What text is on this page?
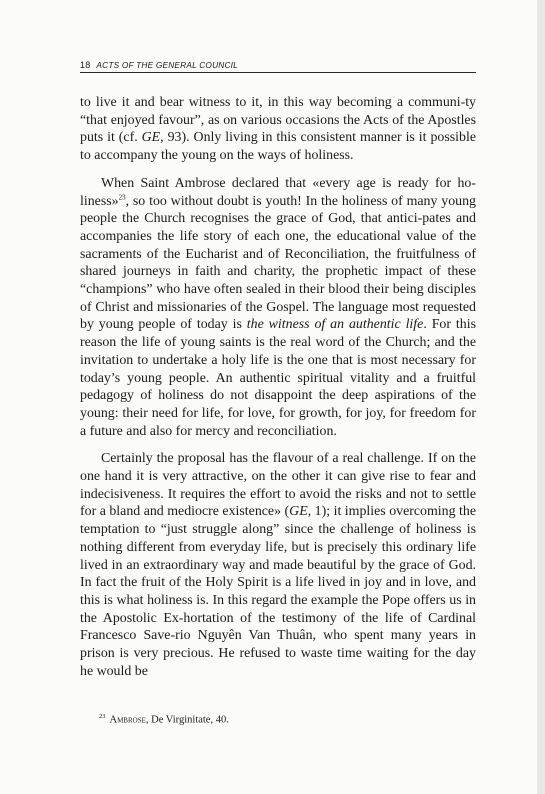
18 ACTS OF THE GENERAL COUNCIL

to live it and bear witness to it, in this way becoming a communi-ty “that enjoyed favour”, as on various occasions the Acts of the Apostles puts it (cf. GE, 93). Only living in this consistent manner is it possible to accompany the young on the ways of holiness.

When Saint Ambrose declared that «every age is ready for ho-liness»$^{23}$, so too without doubt is youth! In the holiness of many young people the Church recognises the grace of God, that antici-pates and accompanies the life story of each one, the educational value of the sacraments of the Eucharist and of Reconciliation, the fruitfulness of shared journeys in faith and charity, the prophetic impact of these “champions” who have often sealed in their blood their being disciples of Christ and missionaries of the Gospel. The language most requested by young people of today is the witness of an authentic life. For this reason the life of young saints is the real word of the Church; and the invitation to undertake a holy life is the one that is most necessary for today’s young people. An authentic spiritual vitality and a fruitful pedagogy of holiness do not disappoint the deep aspirations of the young: their need for life, for love, for growth, for joy, for freedom for a future and also for mercy and reconciliation.

Certainly the proposal has the flavour of a real challenge. If on the one hand it is very attractive, on the other it can give rise to fear and indecisiveness. It requires the effort to avoid the risks and not to settle for a bland and mediocre existence» (GE, 1); it implies overcoming the temptation to “just struggle along” since the challenge of holiness is nothing different from everyday life, but is precisely this ordinary life lived in an extraordinary way and made beautiful by the grace of God. In fact the fruit of the Holy Spirit is a life lived in joy and in love, and this is what holiness is. In this regard the example the Pope offers us in the Apostolic Ex-hortation of the testimony of the life of Cardinal Francesco Save-rio Nguyên Van Thuân, who spent many years in prison is very precious. He refused to waste time waiting for the day he would be

$^{23}$ Ambrose, De Virginitate, 40.
